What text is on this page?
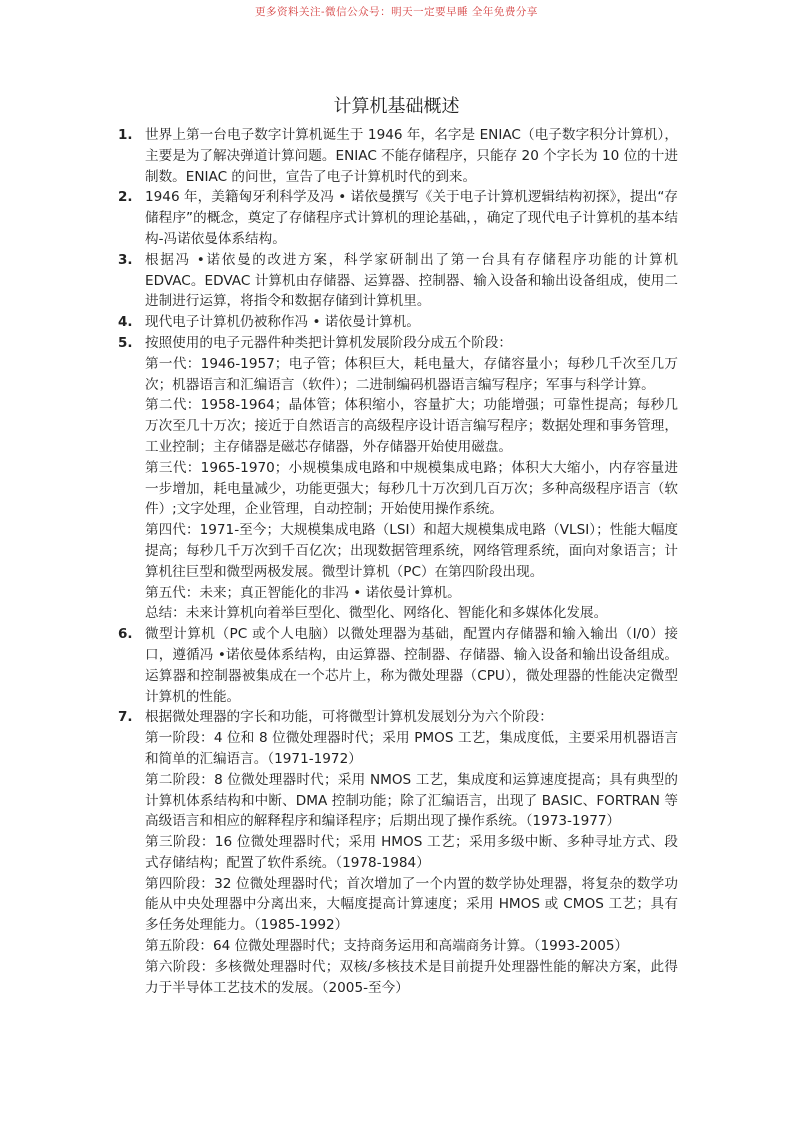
更多资料关注-微信公众号：明天一定要早睡 全年免费分享
计算机基础概述
1. 世界上第一台电子数字计算机诞生于 1946 年，名字是 ENIAC（电子数字积分计算机），主要是为了解决弹道计算问题。ENIAC 不能存储程序，只能存 20 个字长为 10 位的十进制数。ENIAC 的问世，宣告了电子计算机时代的到来。

2. 1946 年，美籍匈牙利科学及冯 • 诺依曼撰写《关于电子计算机逻辑结构初探》，提出“存储程序”的概念，奠定了存储程序式计算机的理论基础，，确定了现代电子计算机的基本结构-冯诺依曼体系结构。

3. 根据冯 •诺依曼的改进方案，科学家研制出了第一台具有存储程序功能的计算机 EDVAC。EDVAC 计算机由存储器、运算器、控制器、输入设备和输出设备组成，使用二进制进行运算，将指令和数据存储到计算机里。

4. 现代电子计算机仍被称作冯 • 诺依曼计算机。

5. 按照使用的电子元器件种类把计算机发展阶段分成五个阶段：

第一代：1946-1957；电子管；体积巨大，耗电量大，存储容量小；每秒几千次至几万次；机器语言和汇编语言（软件）；二进制编码机器语言编写程序；军事与科学计算。

第二代：1958-1964；晶体管；体积缩小，容量扩大；功能增强；可靠性提高；每秒几万次至几十万次；接近于自然语言的高级程序设计语言编写程序；数据处理和事务管理，工业控制；主存储器是磁芯存储器，外存储器开始使用磁盘。

第三代：1965-1970；小规模集成电路和中规模集成电路；体积大大缩小，内存容量进一步增加，耗电量减少，功能更强大；每秒几十万次到几百万次；多种高级程序语言（软件）;文字处理，企业管理，自动控制；开始使用操作系统。

第四代：1971-至今；大规模集成电路（LSI）和超大规模集成电路（VLSI）；性能大幅度提高；每秒几千万次到千百亿次；出现数据管理系统，网络管理系统，面向对象语言；计算机往巨型和微型两极发展。微型计算机（PC）在第四阶段出现。

第五代：未来；真正智能化的非冯 • 诺依曼计算机。

总结：未来计算机向着举巨型化、微型化、网络化、智能化和多媒体化发展。

6. 微型计算机（PC 或个人电脑）以微处理器为基础，配置内存储器和输入输出（I/0）接口，遵循冯 •诺依曼体系结构，由运算器、控制器、存储器、输入设备和输出设备组成。运算器和控制器被集成在一个芯片上，称为微处理器（CPU），微处理器的性能决定微型计算机的性能。

7. 根据微处理器的字长和功能，可将微型计算机发展划分为六个阶段：

第一阶段：4 位和 8 位微处理器时代；采用 PMOS 工艺，集成度低，主要采用机器语言和简单的汇编语言。（1971-1972）

第二阶段：8 位微处理器时代；采用 NMOS 工艺，集成度和运算速度提高；具有典型的计算机体系结构和中断、DMA 控制功能；除了汇编语言，出现了 BASIC、FORTRAN 等高级语言和相应的解释程序和编译程序；后期出现了操作系统。（1973-1977）

第三阶段：16 位微处理器时代；采用 HMOS 工艺；采用多级中断、多种寻址方式、段式存储结构；配置了软件系统。（1978-1984）

第四阶段：32 位微处理器时代；首次增加了一个内置的数学协处理器，将复杂的数学功能从中央处理器中分离出来，大幅度提高计算速度；采用 HMOS 或 CMOS 工艺；具有多任务处理能力。（1985-1992）

第五阶段：64 位微处理器时代；支持商务运用和高端商务计算。（1993-2005）

第六阶段：多核微处理器时代；双核/多核技术是目前提升处理器性能的解决方案，此得力于半导体工艺技术的发展。（2005-至今）
